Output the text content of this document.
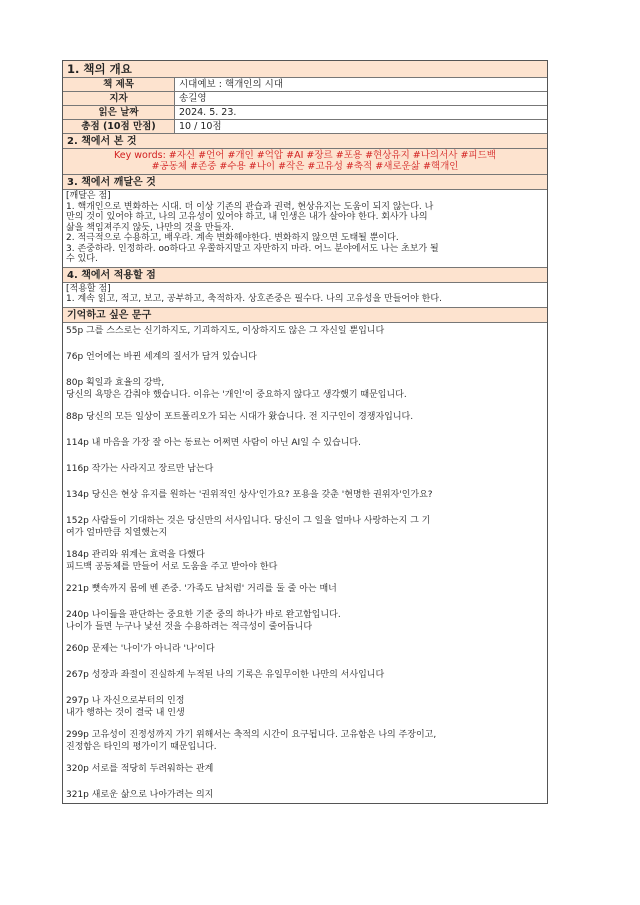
1. 책의 개요
책 제목	시대예보 : 핵개인의 시대
지자	송길영
읽은 날짜	2024. 5. 23.
총점 (10점 만점)	10 / 10점
2. 책에서 본 것
Key words: #자신 #언어 #개인 #억압 #AI #장르 #포용 #현상유지 #나의서사 #피드백
#공동체 #존중 #수용 #나이 #작은 #고유성 #축적 #새로운삶 #핵개인
3. 책에서 깨달은 것
[깨달은 점]
1. 핵개인으로 변화하는 시대. 더 이상 기존의 관습과 권력, 현상유지는 도움이 되지 않는다. 나
만의 것이 있어야 하고, 나의 고유성이 있어야 하고, 내 인생은 내가 살아야 한다. 회사가 나의
삶을 책임져주지 않듯, 나만의 것을 만들자.
2. 적극적으로 수용하고, 배우라. 계속 변화해야한다. 변화하지 않으면 도태될 뿐이다.
3. 존중하라. 인정하라. oo하다고 우쭐하지말고 자만하지 마라. 어느 분야에서도 나는 초보가 될
수 있다.
4. 책에서 적용할 점
[적용할 점]
1. 계속 읽고, 적고, 보고, 공부하고, 축적하자. 상호존중은 필수다. 나의 고유성을 만들어야 한다.
기억하고 싶은 문구
55p 그를 스스로는 신기하지도, 기괴하지도, 이상하지도 않은 그 자신일 뿐입니다
76p 언어에는 바뀐 세계의 질서가 담겨 있습니다
80p 획일과 효율의 강박,
당신의 욕망은 감춰야 했습니다. 이유는 '개인'이 중요하지 않다고 생각했기 때문입니다.
88p 당신의 모든 일상이 포트폴리오가 되는 시대가 왔습니다. 전 지구인이 경쟁자입니다.
114p 내 마음을 가장 잘 아는 동료는 어쩌면 사람이 아닌 AI일 수 있습니다.
116p 작가는 사라지고 장르만 남는다
134p 당신은 현상 유지를 원하는 '권위적인 상사'인가요? 포용을 갖춘 '현명한 권위자'인가요?
152p 사람들이 기대하는 것은 당신만의 서사입니다. 당신이 그 일을 얼마나 사랑하는지 그 기
여가 얼마만큼 치열했는지
184p 관리와 위계는 효력을 다했다
피드백 공동체를 만들어 서로 도움을 주고 받아야 한다
221p 뼛속까지 몸에 벤 존중. '가족도 남처럼' 거리를 둘 줄 아는 매너
240p 나이듦을 판단하는 중요한 기준 중의 하나가 바로 완고함입니다.
나이가 들면 누구나 낯선 것을 수용하려는 적극성이 줄어듭니다
260p 문제는 '나이'가 아니라 '나'이다
267p 성장과 좌절이 진실하게 누적된 나의 기록은 유일무이한 나만의 서사입니다
297p 나 자신으로부터의 인정
내가 행하는 것이 결국 내 인생
299p 고유성이 진정성까지 가기 위해서는 축적의 시간이 요구됩니다. 고유함은 나의 주장이고,
진정함은 타인의 평가이기 때문입니다.
320p 서로를 적당히 두려워하는 관계
321p 새로운 삶으로 나아가려는 의지
